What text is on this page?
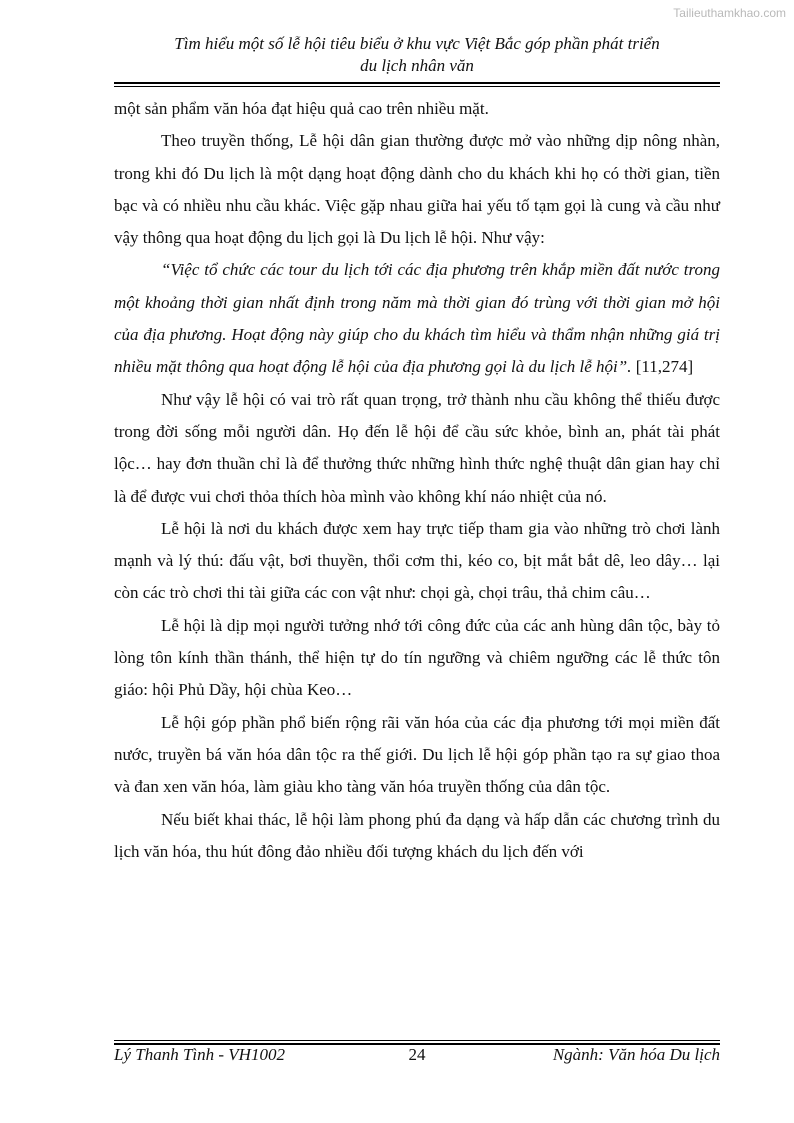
Tailieuthamkhao.com
Tìm hiểu một số lễ hội tiêu biểu ở khu vực Việt Bắc góp phần phát triển
du lịch nhân văn

một sản phẩm văn hóa đạt hiệu quả cao trên nhiều mặt.

Theo truyền thống, Lễ hội dân gian thường được mở vào những dịp nông nhàn, trong khi đó Du lịch là một dạng hoạt động dành cho du khách khi họ có thời gian, tiền bạc và có nhiều nhu cầu khác. Việc gặp nhau giữa hai yếu tố tạm gọi là cung và cầu như vậy thông qua hoạt động du lịch gọi là Du lịch lễ hội. Như vậy:

“Việc tổ chức các tour du lịch tới các địa phương trên khắp miền đất nước trong một khoảng thời gian nhất định trong năm mà thời gian đó trùng với thời gian mở hội của địa phương. Hoạt động này giúp cho du khách tìm hiểu và thẩm nhận những giá trị nhiều mặt thông qua hoạt động lễ hội của địa phương gọi là du lịch lễ hội”. [11,274]

Như vậy lễ hội có vai trò rất quan trọng, trở thành nhu cầu không thể thiếu được trong đời sống mỗi người dân. Họ đến lễ hội để cầu sức khỏe, bình an, phát tài phát lộc… hay đơn thuần chỉ là để thưởng thức những hình thức nghệ thuật dân gian hay chỉ là để được vui chơi thỏa thích hòa mình vào không khí náo nhiệt của nó.

Lễ hội là nơi du khách được xem hay trực tiếp tham gia vào những trò chơi lành mạnh và lý thú: đấu vật, bơi thuyền, thổi cơm thi, kéo co, bịt mắt bắt dê, leo dây… lại còn các trò chơi thi tài giữa các con vật như: chọi gà, chọi trâu, thả chim câu…

Lễ hội là dịp mọi người tưởng nhớ tới công đức của các anh hùng dân tộc, bày tỏ lòng tôn kính thần thánh, thể hiện tự do tín ngưỡng và chiêm ngưỡng các lễ thức tôn giáo: hội Phủ Dầy, hội chùa Keo…

Lễ hội góp phần phổ biến rộng rãi văn hóa của các địa phương tới mọi miền đất nước, truyền bá văn hóa dân tộc ra thế giới. Du lịch lễ hội góp phần tạo ra sự giao thoa và đan xen văn hóa, làm giàu kho tàng văn hóa truyền thống của dân tộc.

Nếu biết khai thác, lễ hội làm phong phú đa dạng và hấp dẫn các chương trình du lịch văn hóa, thu hút đông đảo nhiều đối tượng khách du lịch đến với

Lý Thanh Tình - VH1002	24	Ngành: Văn hóa Du lịch
